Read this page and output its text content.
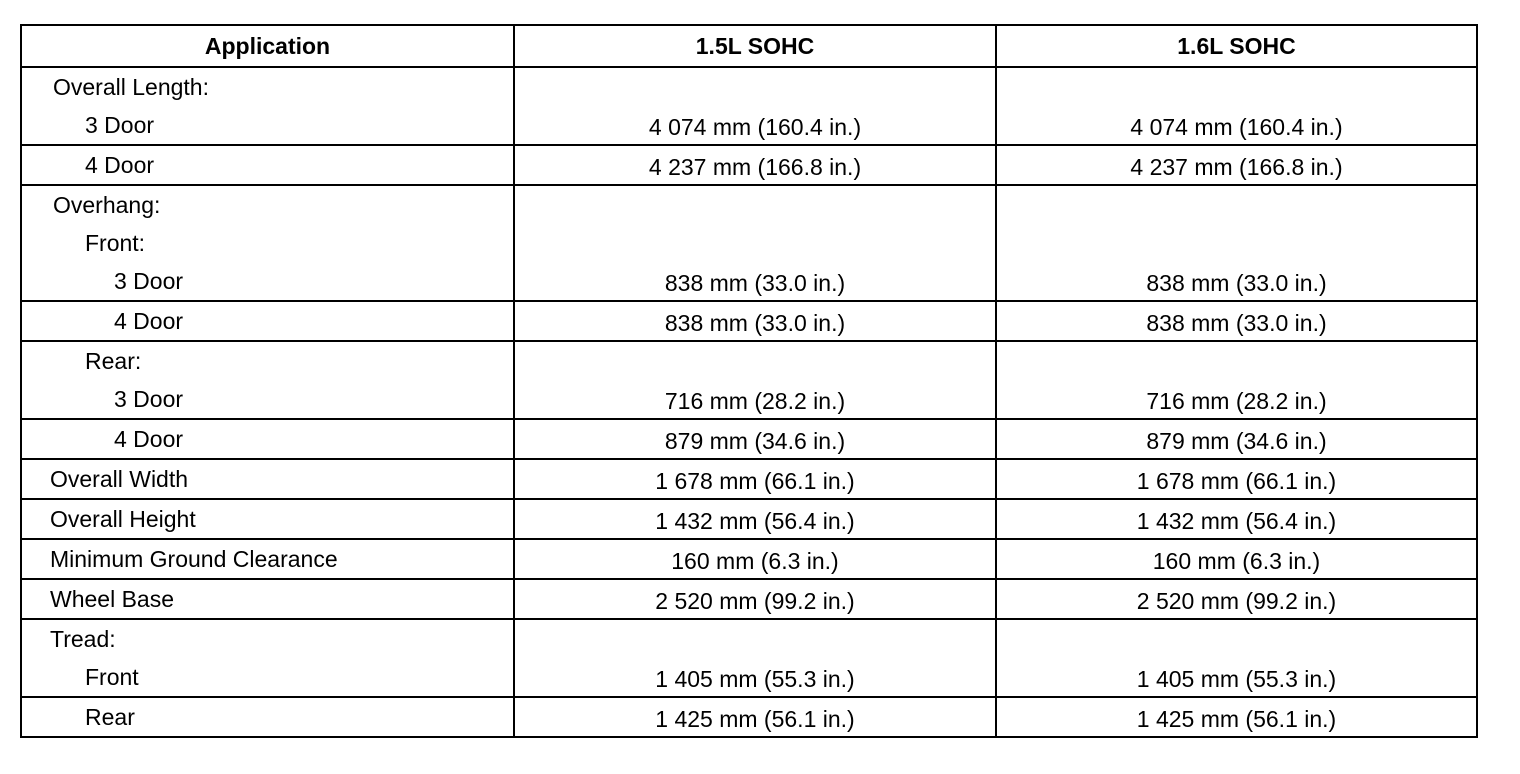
Application	1.5L SOHC	1.6L SOHC

Overall Length:
3 Door	4 074 mm (160.4 in.)	4 074 mm (160.4 in.)

4 Door	4 237 mm (166.8 in.)	4 237 mm (166.8 in.)

Overhang:
Front:
3 Door	838 mm (33.0 in.)	838 mm (33.0 in.)

4 Door	838 mm (33.0 in.)	838 mm (33.0 in.)

Rear:
3 Door	716 mm (28.2 in.)	716 mm (28.2 in.)

4 Door	879 mm (34.6 in.)	879 mm (34.6 in.)

Overall Width	1 678 mm (66.1 in.)	1 678 mm (66.1 in.)

Overall Height	1 432 mm (56.4 in.)	1 432 mm (56.4 in.)

Minimum Ground Clearance	160 mm (6.3 in.)	160 mm (6.3 in.)

Wheel Base	2 520 mm (99.2 in.)	2 520 mm (99.2 in.)

Tread:
Front	1 405 mm (55.3 in.)	1 405 mm (55.3 in.)

Rear	1 425 mm (56.1 in.)	1 425 mm (56.1 in.)
